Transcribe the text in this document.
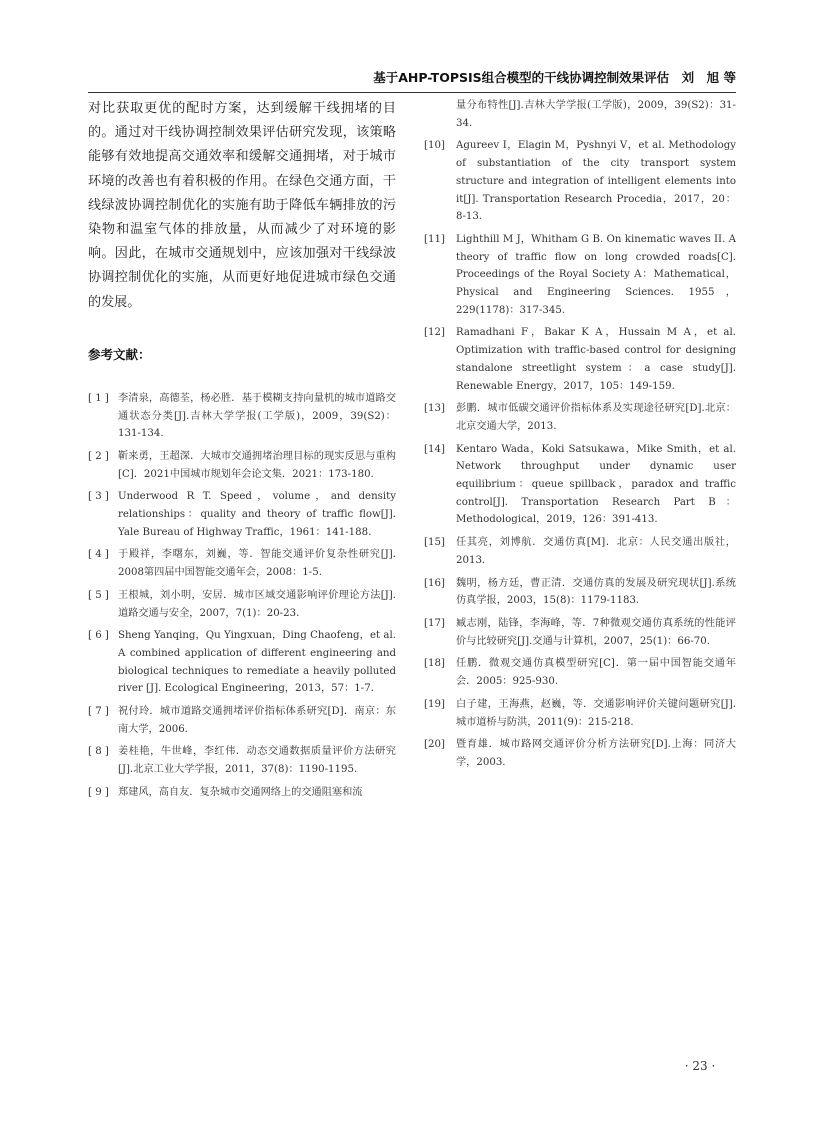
基于AHP-TOPSIS组合模型的干线协调控制效果评估　刘　旭 等

对比获取更优的配时方案，达到缓解干线拥堵的目的。通过对干线协调控制效果评估研究发现，该策略能够有效地提高交通效率和缓解交通拥堵，对于城市环境的改善也有着积极的作用。在绿色交通方面，干线绿波协调控制优化的实施有助于降低车辆排放的污染物和温室气体的排放量，从而减少了对环境的影响。因此，在城市交通规划中，应该加强对干线绿波协调控制优化的实施，从而更好地促进城市绿色交通的发展。

参考文献：
[ 1 ] 李清泉，高德荃，杨必胜．基于模糊支持向量机的城市道路交通状态分类[J].吉林大学学报(工学版)，2009，39(S2)：131-134.
[ 2 ] 靳来勇，王超深．大城市交通拥堵治理目标的现实反思与重构[C]．2021中国城市规划年会论文集．2021：173-180.
[ 3 ] Underwood R T. Speed，volume，and density relationships：quality and theory of traffic flow[J]. Yale Bureau of Highway Traffic，1961：141-188.
[ 4 ] 于殿祥，李曙东，刘巍，等．智能交通评价复杂性研究[J]. 2008第四届中国智能交通年会，2008：1-5.
[ 5 ] 王根城，刘小明，安居．城市区域交通影响评价理论方法[J].道路交通与安全，2007，7(1)：20-23.
[ 6 ] Sheng Yanqing，Qu Yingxuan，Ding Chaofeng，et al. A combined application of different engineering and biological techniques to remediate a heavily polluted river [J]. Ecological Engineering，2013，57：1-7.
[ 7 ] 祝付玲．城市道路交通拥堵评价指标体系研究[D]．南京：东南大学，2006.
[ 8 ] 姜桂艳，牛世峰，李红伟．动态交通数据质量评价方法研究[J].北京工业大学学报，2011，37(8)：1190-1195.
[ 9 ] 郑建风，高自友．复杂城市交通网络上的交通阻塞和流
量分布特性[J].吉林大学学报(工学版)，2009，39(S2)：31-34.
[10] Agureev I，Elagin M，Pyshnyi V，et al. Methodology of substantiation of the city transport system structure and integration of intelligent elements into it[J]. Transportation Research Procedia，2017，20：8-13.
[11] Lighthill M J，Whitham G B. On kinematic waves II. A theory of traffic flow on long crowded roads[C]. Proceedings of the Royal Society A：Mathematical，Physical and Engineering Sciences. 1955，229(1178)：317-345.
[12] Ramadhani F，Bakar K A，Hussain M A，et al. Optimization with traffic-based control for designing standalone streetlight system：a case study[J]. Renewable Energy，2017，105：149-159.
[13] 彭鹏．城市低碳交通评价指标体系及实现途径研究[D].北京：北京交通大学，2013.
[14] Kentaro Wada，Koki Satsukawa，Mike Smith，et al. Network throughput under dynamic user equilibrium：queue spillback，paradox and traffic control[J]. Transportation Research Part B：Methodological，2019，126：391-413.
[15] 任其亮，刘博航．交通仿真[M]．北京：人民交通出版社，2013.
[16] 魏明，杨方廷，曹正清．交通仿真的发展及研究现状[J].系统仿真学报，2003，15(8)：1179-1183.
[17] 臧志刚，陆锋，李海峰，等．7种微观交通仿真系统的性能评价与比较研究[J].交通与计算机，2007，25(1)：66-70.
[18] 任鹏．微观交通仿真模型研究[C]．第一届中国智能交通年会．2005：925-930.
[19] 白子建，王海燕，赵巍，等．交通影响评价关键问题研究[J]. 城市道桥与防洪，2011(9)：215-218.
[20] 暨育雄．城市路网交通评价分析方法研究[D].上海：同济大学，2003.
· 23 ·
